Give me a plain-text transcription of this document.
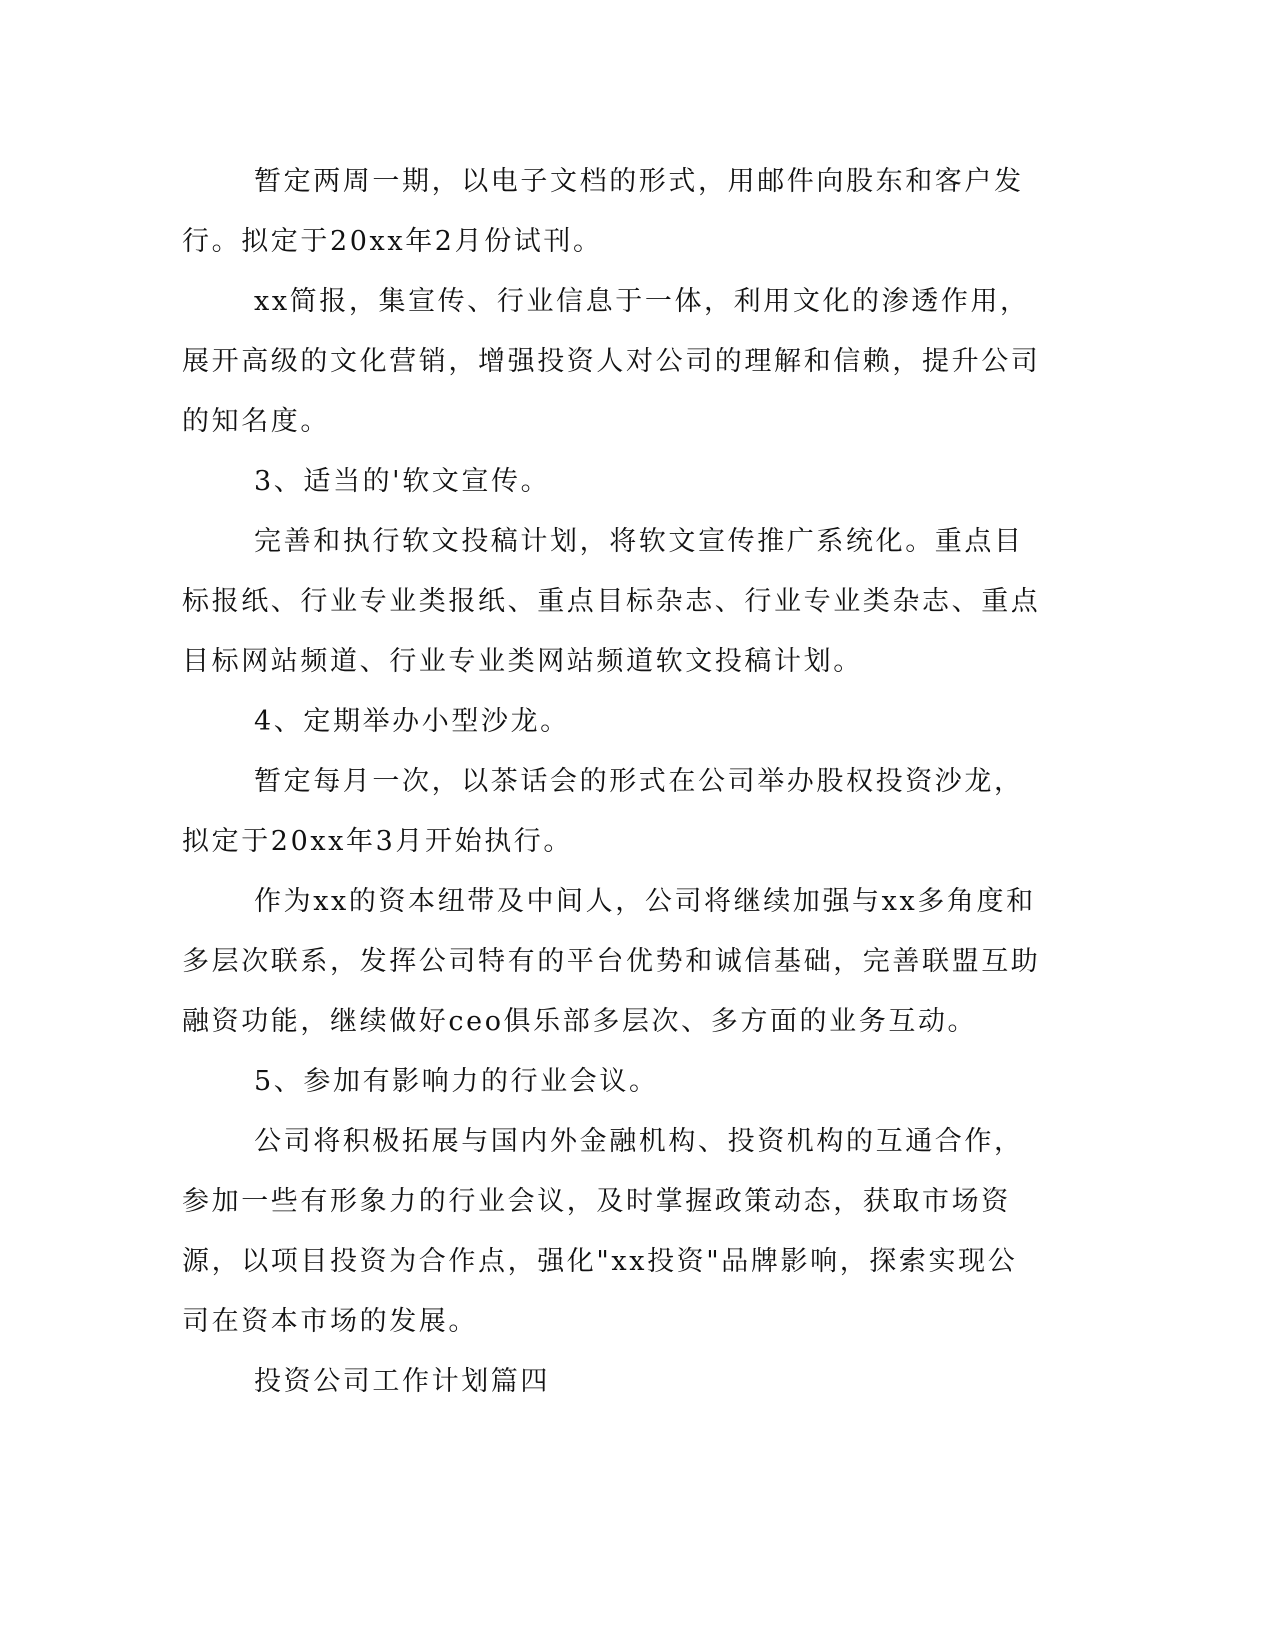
暂定两周一期，以电子文档的形式，用邮件向股东和客户发行。拟定于20xx年2月份试刊。

xx简报，集宣传、行业信息于一体，利用文化的渗透作用，展开高级的文化营销，增强投资人对公司的理解和信赖，提升公司的知名度。

3、适当的'软文宣传。

完善和执行软文投稿计划，将软文宣传推广系统化。重点目标报纸、行业专业类报纸、重点目标杂志、行业专业类杂志、重点目标网站频道、行业专业类网站频道软文投稿计划。

4、定期举办小型沙龙。

暂定每月一次，以茶话会的形式在公司举办股权投资沙龙，拟定于20xx年3月开始执行。

作为xx的资本纽带及中间人，公司将继续加强与xx多角度和多层次联系，发挥公司特有的平台优势和诚信基础，完善联盟互助融资功能，继续做好ceo俱乐部多层次、多方面的业务互动。

5、参加有影响力的行业会议。

公司将积极拓展与国内外金融机构、投资机构的互通合作，参加一些有形象力的行业会议，及时掌握政策动态，获取市场资源，以项目投资为合作点，强化"xx投资"品牌影响，探索实现公司在资本市场的发展。

投资公司工作计划篇四
